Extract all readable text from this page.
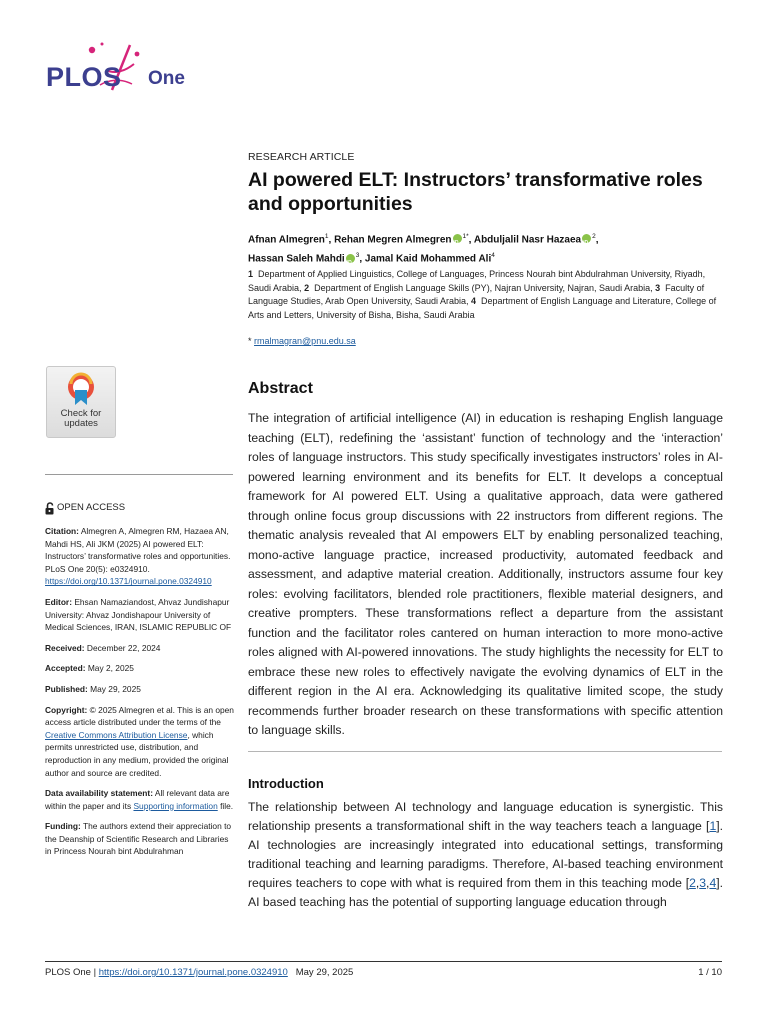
PLOS One
RESEARCH ARTICLE
AI powered ELT: Instructors’ transformative roles and opportunities
Afnan Almegren$^1$, Rehan Megren Almegren iD $^{1*}$, Abduljalil Nasr Hazaea iD $^2$,
Hassan Saleh Mahdi iD $^3$, Jamal Kaid Mohammed Ali$^4$
1 Department of Applied Linguistics, College of Languages, Princess Nourah bint Abdulrahman University, Riyadh, Saudi Arabia, 2 Department of English Language Skills (PY), Najran University, Najran, Saudi Arabia, 3 Faculty of Language Studies, Arab Open University, Saudi Arabia, 4 Department of English Language and Literature, College of Arts and Letters, University of Bisha, Bisha, Saudi Arabia
* rmalmagran@pnu.edu.sa
Check for
updates
OPEN ACCESS
Citation: Almegren A, Almegren RM, Hazaea AN, Mahdi HS, Ali JKM (2025) AI powered ELT: Instructors’ transformative roles and opportunities. PLoS One 20(5): e0324910. https://doi.org/10.1371/journal.pone.0324910
Editor: Ehsan Namaziandost, Ahvaz Jundishapur University: Ahvaz Jondishapour University of Medical Sciences, IRAN, ISLAMIC REPUBLIC OF
Received: December 22, 2024
Accepted: May 2, 2025
Published: May 29, 2025
Copyright: © 2025 Almegren et al. This is an open access article distributed under the terms of the Creative Commons Attribution License, which permits unrestricted use, distribution, and reproduction in any medium, provided the original author and source are credited.
Data availability statement: All relevant data are within the paper and its Supporting information file.
Funding: The authors extend their appreciation to the Deanship of Scientific Research and Libraries in Princess Nourah bint Abdulrahman
Abstract

The integration of artificial intelligence (AI) in education is reshaping English language teaching (ELT), redefining the ‘assistant’ function of technology and the ‘interaction’ roles of language instructors. This study specifically investigates instructors’ roles in AI-powered learning environment and its benefits for ELT. It develops a conceptual framework for AI powered ELT. Using a qualitative approach, data were gathered through online focus group discussions with 22 instructors from different regions. The thematic analysis revealed that AI empowers ELT by enabling personalized teaching, mono-active language practice, increased productivity, automated feedback and assessment, and adaptive material creation. Additionally, instructors assume four key roles: evolving facilitators, blended role practitioners, flexible material designers, and creative prompters. These transformations reflect a departure from the assistant function and the facilitator roles cantered on human interaction to more mono-active roles aligned with AI-powered innovations. The study highlights the necessity for ELT to embrace these new roles to effectively navigate the evolving dynamics of ELT in the different region in the AI era. Acknowledging its qualitative limited scope, the study recommends further broader research on these transformations with specific attention to language skills.

Introduction

The relationship between AI technology and language education is synergistic. This relationship presents a transformational shift in the way teachers teach a language [1]. AI technologies are increasingly integrated into educational settings, transforming traditional teaching and learning paradigms. Therefore, AI-based teaching environment requires teachers to cope with what is required from them in this teaching mode [2,3,4]. AI based teaching has the potential of supporting language education through

PLOS One | https://doi.org/10.1371/journal.pone.0324910 May 29, 2025	1 / 10
